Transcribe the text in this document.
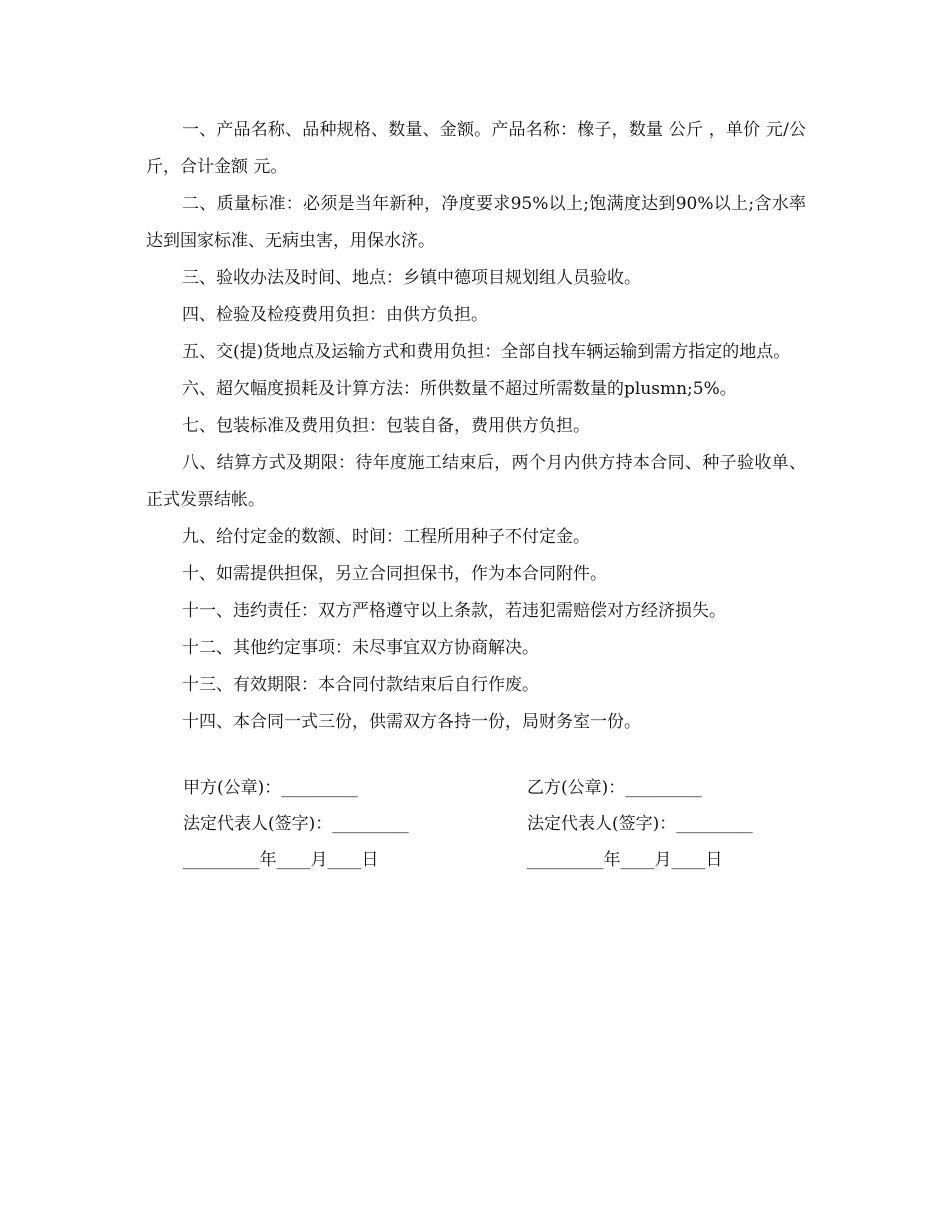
一、产品名称、品种规格、数量、金额。产品名称：橡子，数量 公斤 ，单价 元/公斤，合计金额 元。

二、质量标准：必须是当年新种，净度要求95%以上;饱满度达到90%以上;含水率达到国家标准、无病虫害，用保水济。

三、验收办法及时间、地点：乡镇中德项目规划组人员验收。

四、检验及检疫费用负担：由供方负担。

五、交(提)货地点及运输方式和费用负担：全部自找车辆运输到需方指定的地点。

六、超欠幅度损耗及计算方法：所供数量不超过所需数量的plusmn;5%。

七、包装标准及费用负担：包装自备，费用供方负担。

八、结算方式及期限：待年度施工结束后，两个月内供方持本合同、种子验收单、正式发票结帐。

九、给付定金的数额、时间：工程所用种子不付定金。

十、如需提供担保，另立合同担保书，作为本合同附件。

十一、违约责任：双方严格遵守以上条款，若违犯需赔偿对方经济损失。

十二、其他约定事项：未尽事宜双方协商解决。

十三、有效期限：本合同付款结束后自行作废。

十四、本合同一式三份，供需双方各持一份，局财务室一份。

甲方(公章)：_________	乙方(公章)：_________
法定代表人(签字)：_________	法定代表人(签字)：_________
_________年____月____日	_________年____月____日
